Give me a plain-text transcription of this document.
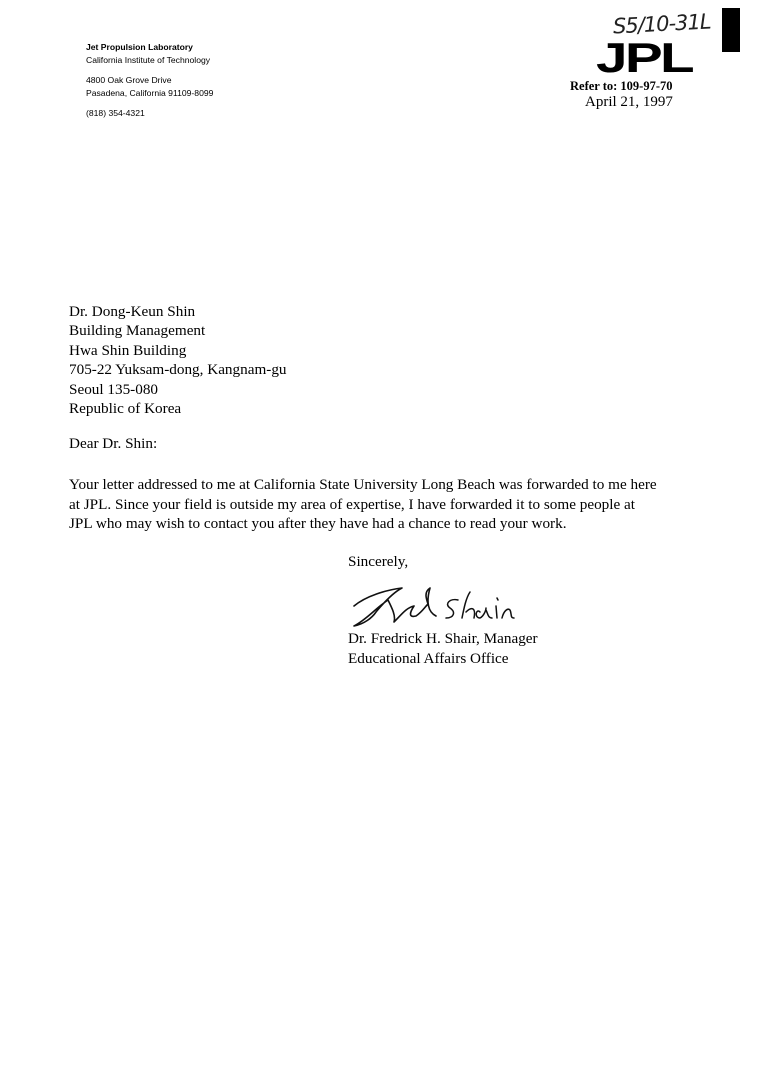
Jet Propulsion Laboratory
California Institute of Technology
4800 Oak Grove Drive
Pasadena, California 91109-8099
(818) 354-4321
S5/10-31L
JPL
Refer to: 109-97-70
April 21, 1997
Dr. Dong-Keun Shin
Building Management
Hwa Shin Building
705-22 Yuksam-dong, Kangnam-gu
Seoul 135-080
Republic of Korea
Dear Dr. Shin:
Your letter addressed to me at California State University Long Beach was forwarded to me here
at JPL. Since your field is outside my area of expertise, I have forwarded it to some people at
JPL who may wish to contact you after they have had a chance to read your work.
Sincerely,
Dr. Fredrick H. Shair, Manager
Educational Affairs Office
